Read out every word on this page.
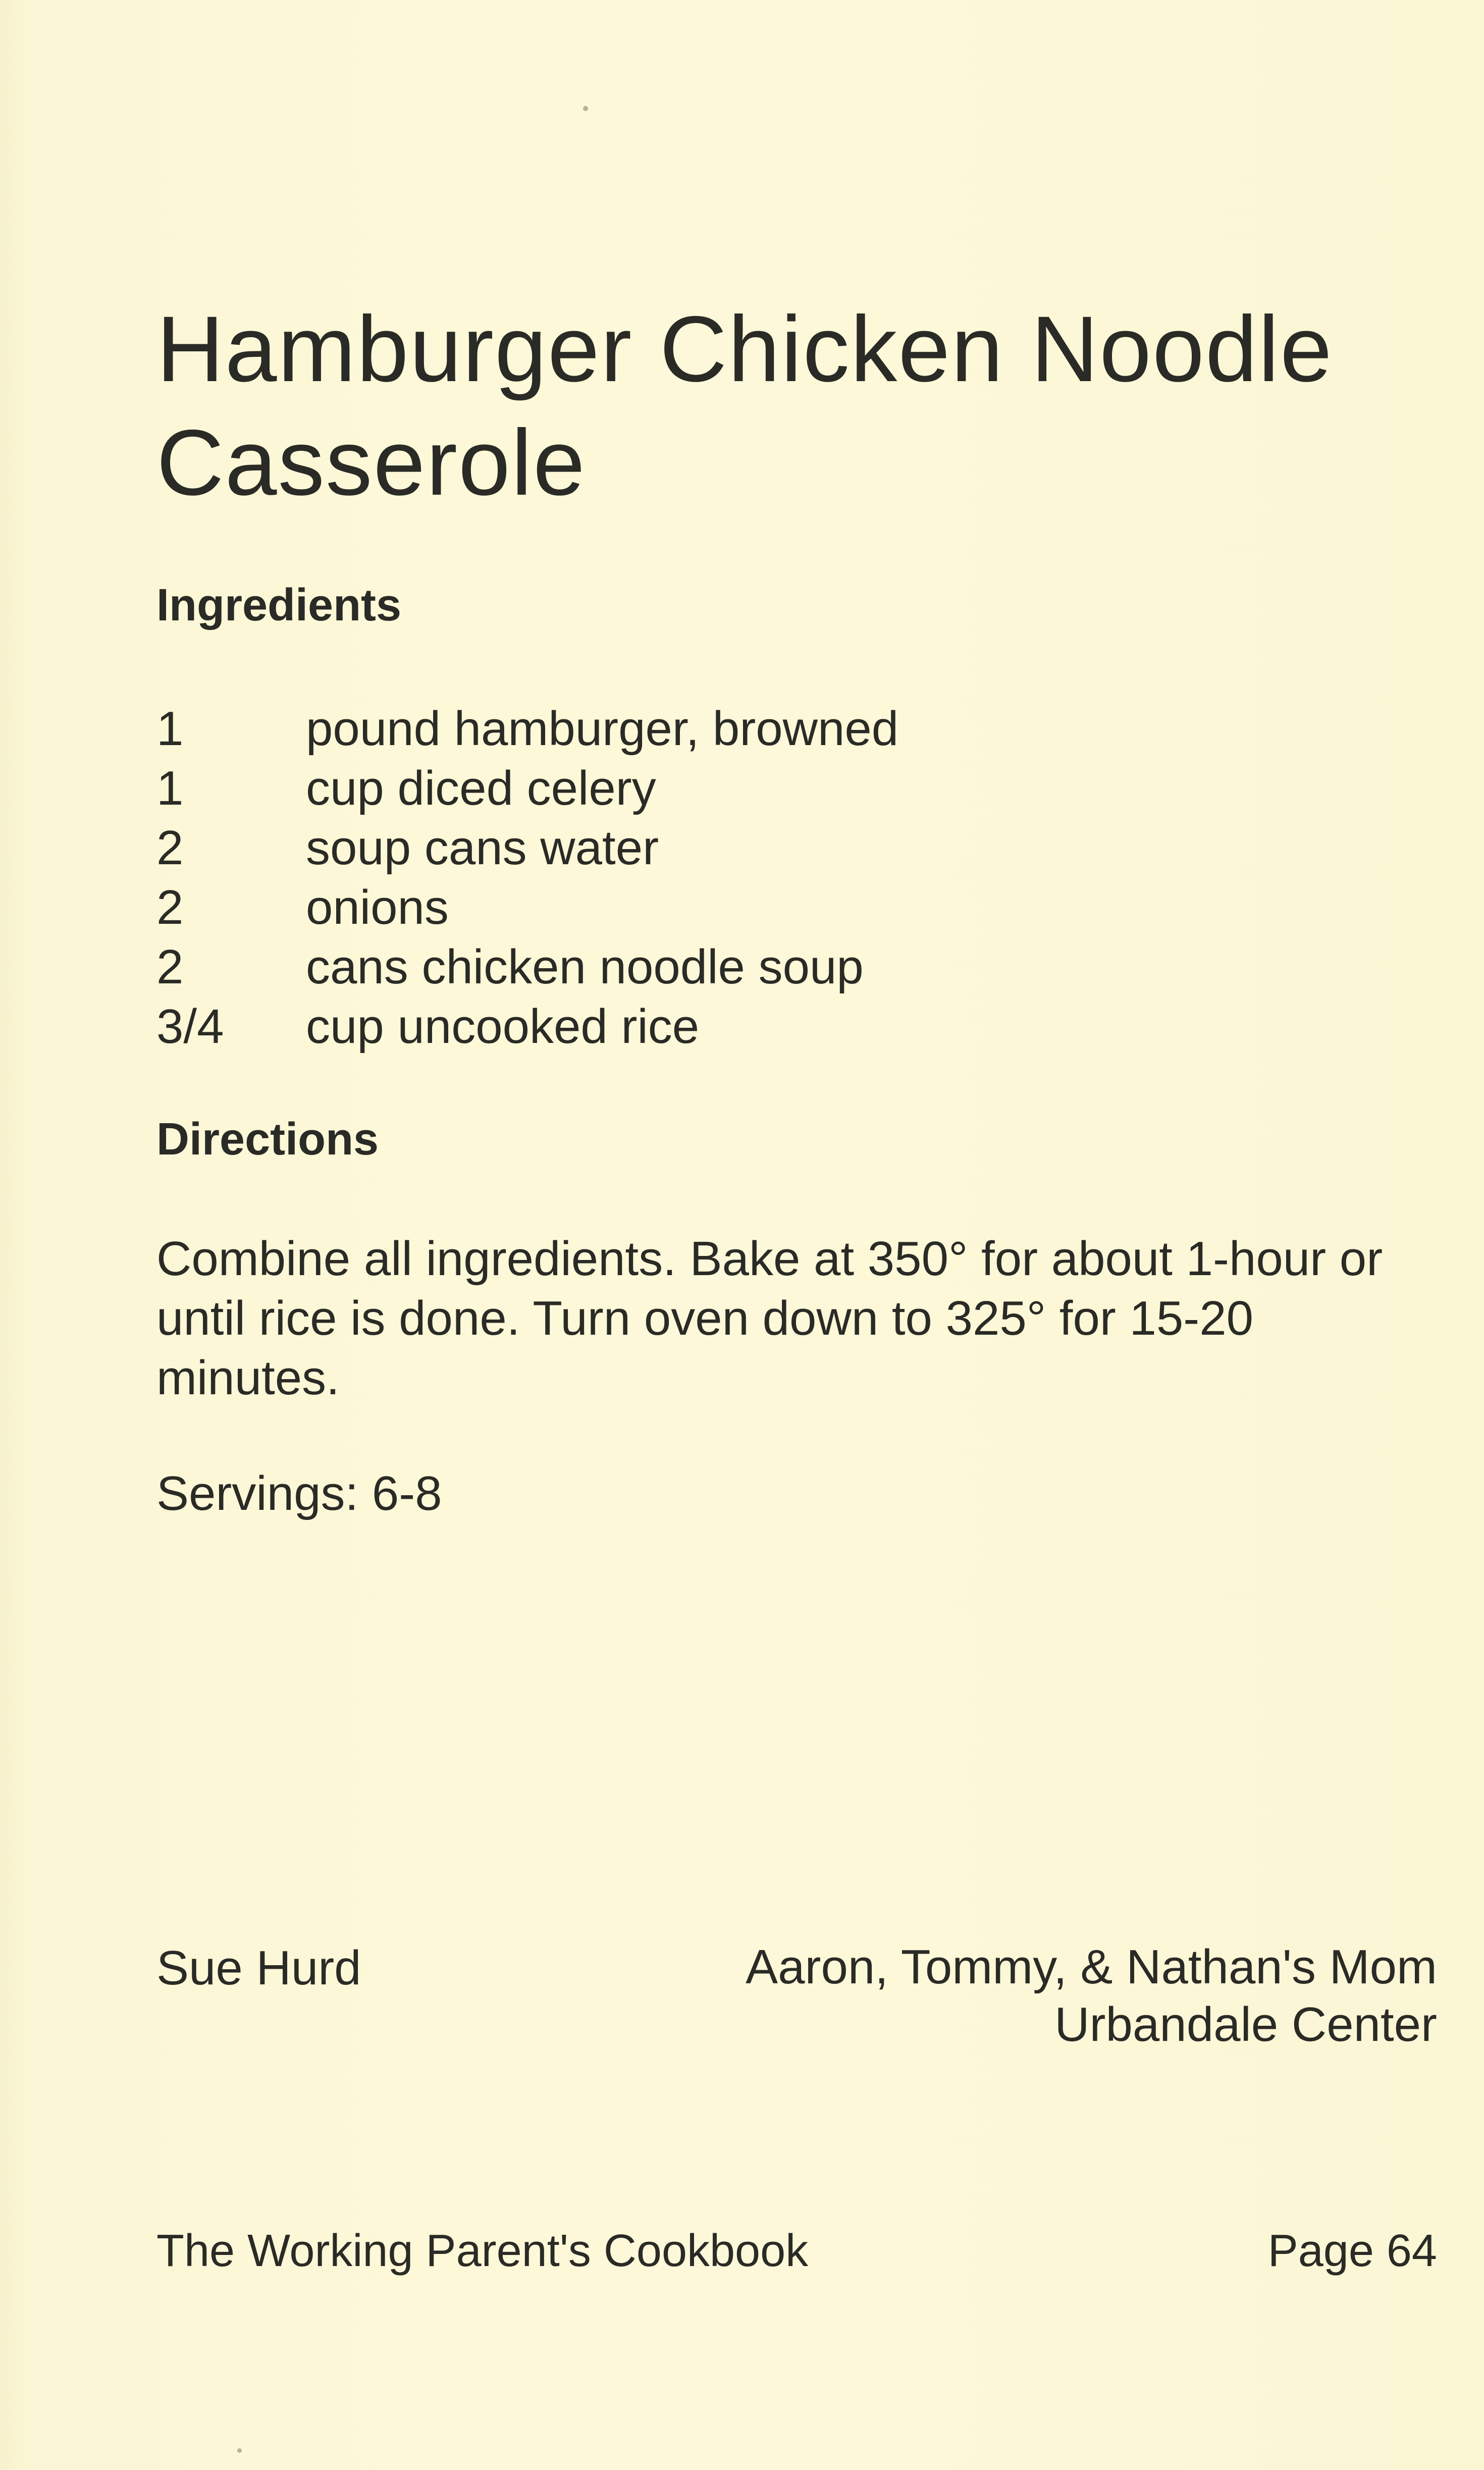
Hamburger Chicken Noodle Casserole
Ingredients
1	pound hamburger, browned
1	cup diced celery
2	soup cans water
2	onions
2	cans chicken noodle soup
3/4	cup uncooked rice
Directions

Combine all ingredients. Bake at 350° for about 1-hour or until rice is done. Turn oven down to 325° for 15-20 minutes.

Servings: 6-8

Sue Hurd	Aaron, Tommy, & Nathan's Mom
Urbandale Center
The Working Parent's Cookbook	Page 64
